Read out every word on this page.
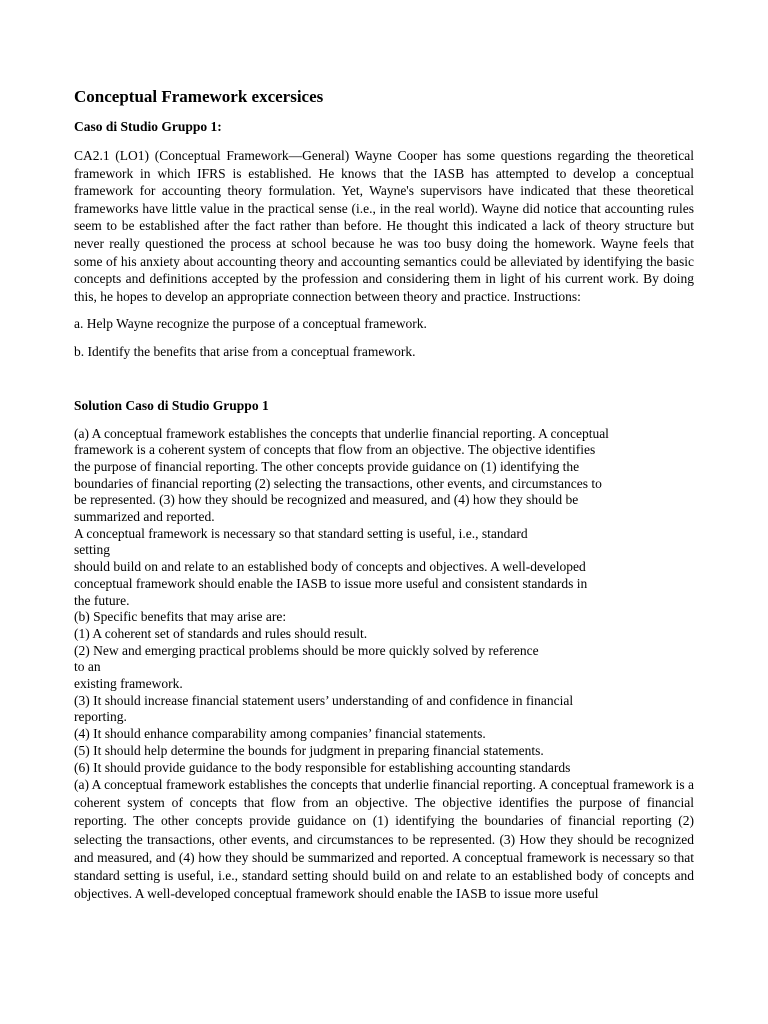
Conceptual Framework excersices
Caso di Studio Gruppo 1:

CA2.1 (LO1) (Conceptual Framework—General) Wayne Cooper has some questions regarding the theoretical framework in which IFRS is established. He knows that the IASB has attempted to develop a conceptual framework for accounting theory formulation. Yet, Wayne's supervisors have indicated that these theoretical frameworks have little value in the practical sense (i.e., in the real world). Wayne did notice that accounting rules seem to be established after the fact rather than before. He thought this indicated a lack of theory structure but never really questioned the process at school because he was too busy doing the homework. Wayne feels that some of his anxiety about accounting theory and accounting semantics could be alleviated by identifying the basic concepts and definitions accepted by the profession and considering them in light of his current work. By doing this, he hopes to develop an appropriate connection between theory and practice. Instructions:

a. Help Wayne recognize the purpose of a conceptual framework.

b. Identify the benefits that arise from a conceptual framework.

Solution Caso di Studio Gruppo 1

(a) A conceptual framework establishes the concepts that underlie financial reporting. A conceptual

framework is a coherent system of concepts that flow from an objective. The objective identifies

the purpose of financial reporting. The other concepts provide guidance on (1) identifying the

boundaries of financial reporting (2) selecting the transactions, other events, and circumstances to

be represented. (3) how they should be recognized and measured, and (4) how they should be

summarized and reported.

A conceptual framework is necessary so that standard setting is useful, i.e., standard

setting

should build on and relate to an established body of concepts and objectives. A well-developed

conceptual framework should enable the IASB to issue more useful and consistent standards in

the future.

(b) Specific benefits that may arise are:

(1) A coherent set of standards and rules should result.

(2) New and emerging practical problems should be more quickly solved by reference

to an

existing framework.

(3) It should increase financial statement users’ understanding of and confidence in financial

reporting.

(4) It should enhance comparability among companies’ financial statements.

(5) It should help determine the bounds for judgment in preparing financial statements.

(6) It should provide guidance to the body responsible for establishing accounting standards

(a) A conceptual framework establishes the concepts that underlie financial reporting. A conceptual framework is a coherent system of concepts that flow from an objective. The objective identifies the purpose of financial reporting. The other concepts provide guidance on (1) identifying the boundaries of financial reporting (2) selecting the transactions, other events, and circumstances to be represented. (3) How they should be recognized and measured, and (4) how they should be summarized and reported. A conceptual framework is necessary so that standard setting is useful, i.e., standard setting should build on and relate to an established body of concepts and objectives. A well-developed conceptual framework should enable the IASB to issue more useful
